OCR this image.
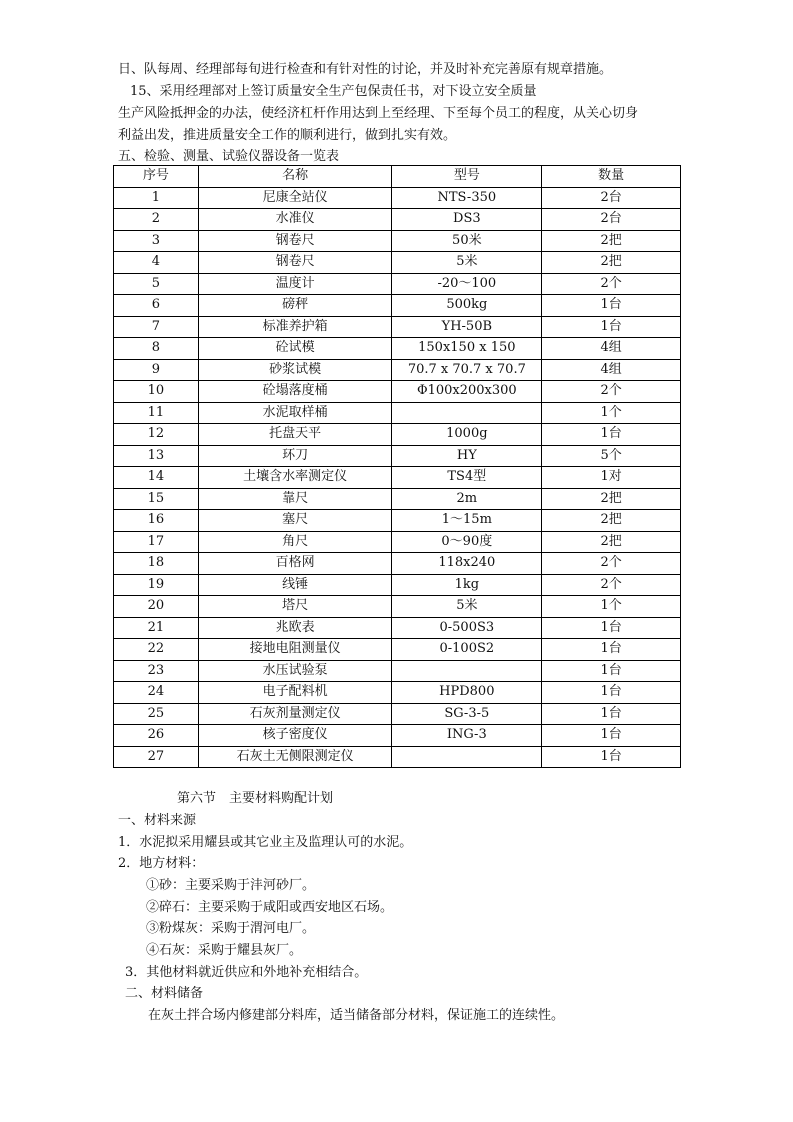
日、队每周、经理部每旬进行检查和有针对性的讨论，并及时补充完善原有规章措施。
15、采用经理部对上签订质量安全生产包保责任书，对下设立安全质量
生产风险抵押金的办法，使经济杠杆作用达到上至经理、下至每个员工的程度，从关心切身
利益出发，推进质量安全工作的顺利进行，做到扎实有效。
五、检验、测量、试验仪器设备一览表
序号	名称	型号	数量
1	尼康全站仪	NTS-350	2台
2	水准仪	DS3	2台
3	钢卷尺	50米	2把
4	钢卷尺	5米	2把
5	温度计	-20～100	2个
6	磅秤	500kg	1台
7	标准养护箱	YH-50B	1台
8	砼试模	150x150 x 150	4组
9	砂浆试模	70.7 x 70.7 x 70.7	4组
10	砼塌落度桶	Φ100x200x300	2个
11	水泥取样桶		1个
12	托盘天平	1000g	1台
13	环刀	HY	5个
14	土壤含水率测定仪	TS4型	1对
15	靠尺	2m	2把
16	塞尺	1～15m	2把
17	角尺	0～90度	2把
18	百格网	118x240	2个
19	线锤	1kg	2个
20	塔尺	5米	1个
21	兆欧表	0-500S3	1台
22	接地电阻测量仪	0-100S2	1台
23	水压试验泵		1台
24	电子配料机	HPD800	1台
25	石灰剂量测定仪	SG-3-5	1台
26	核子密度仪	ING-3	1台
27	石灰土无侧限测定仪		1台
第六节　主要材料购配计划
一、材料来源
1．水泥拟采用耀县或其它业主及监理认可的水泥。
2．地方材料：
①砂：主要采购于沣河砂厂。
②碎石：主要采购于咸阳或西安地区石场。
③粉煤灰：采购于渭河电厂。
④石灰：采购于耀县灰厂。
3．其他材料就近供应和外地补充相结合。
二、材料储备
在灰土拌合场内修建部分料库，适当储备部分材料，保证施工的连续性。
